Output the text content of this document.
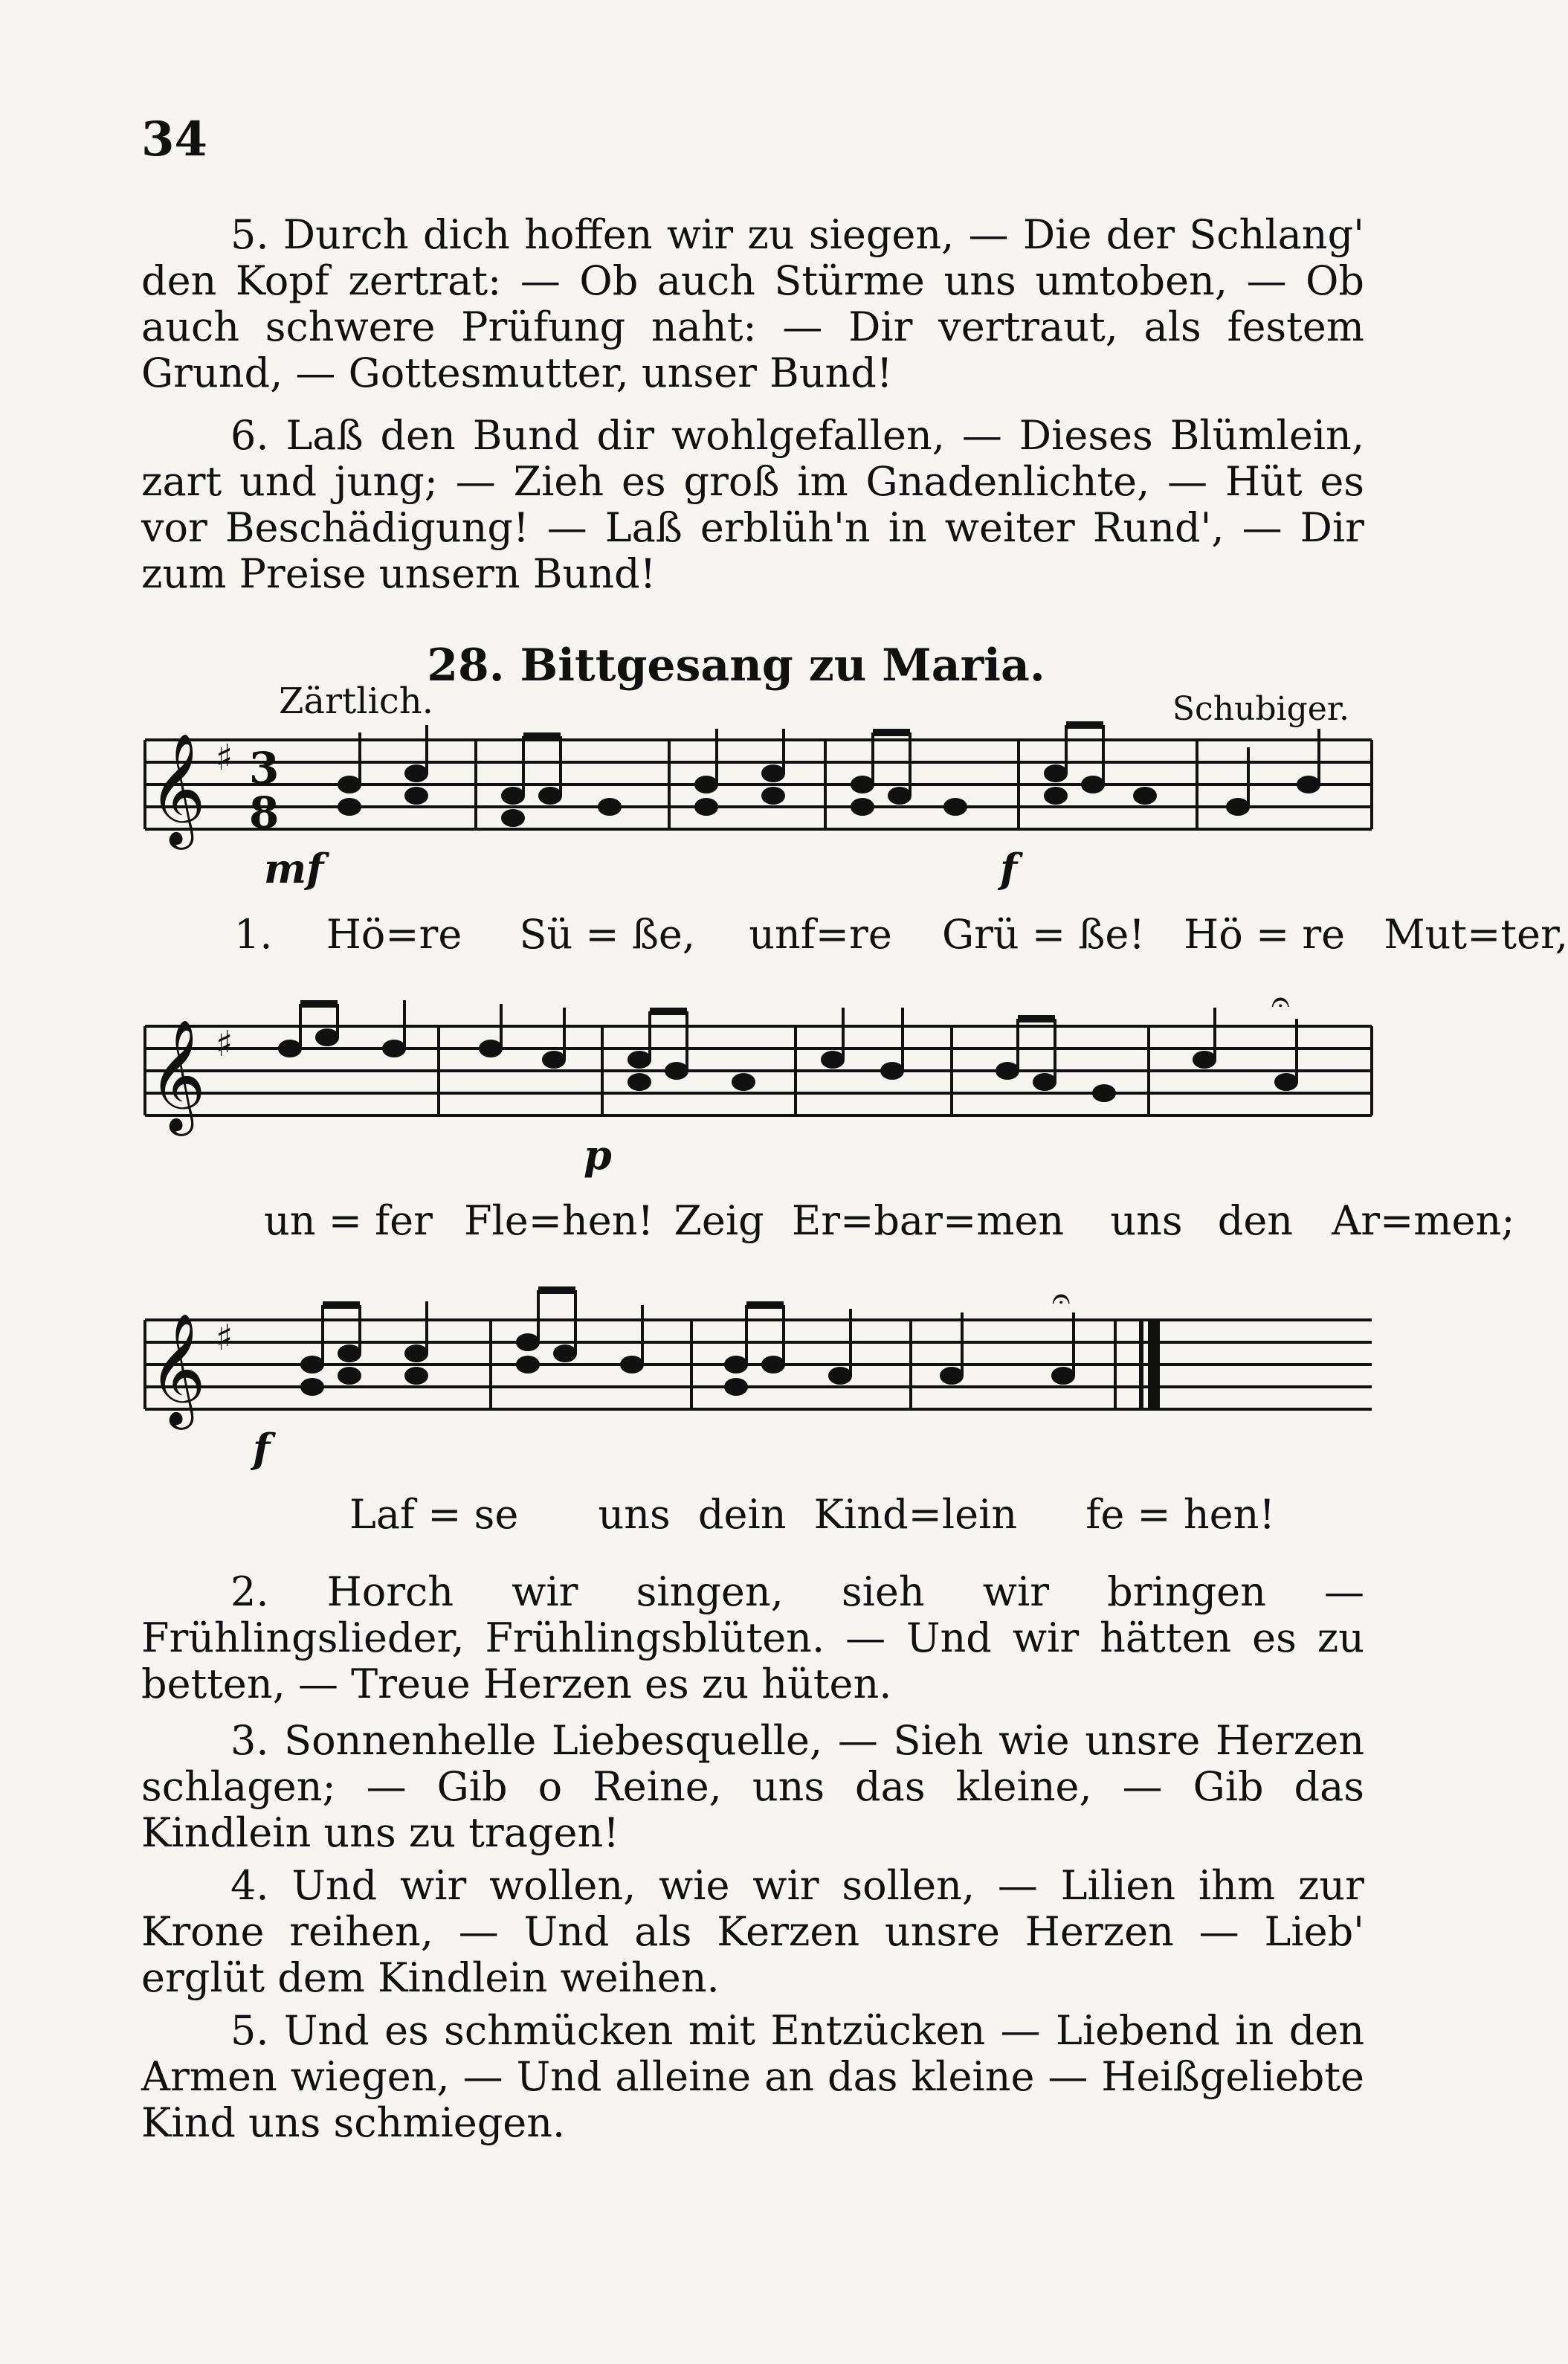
34

5. Durch dich hoffen wir zu siegen, — Die der Schlang' den Kopf zertrat: — Ob auch Stürme uns umtoben, — Ob auch schwere Prüfung naht: — Dir vertraut, als festem Grund, — Gottesmutter, unser Bund!

6. Laß den Bund dir wohlgefallen, — Dieses Blümlein, zart und jung; — Zieh es groß im Gnadenlichte, — Hüt es vor Beschädigung! — Laß erblüh'n in weiter Rund', — Dir zum Preise unsern Bund!

28. Bittgesang zu Maria.
Zärtlich.	Schubiger.
𝄞 ♯ 3
8
mf	f
1. Hö=re Sü = ße, unf=re Grü = ße! Hö = re Mut=ter,
𝄞 ♯
𝄐
p
un = fer Fle=hen! Zeig Er=bar=men uns den Ar=men;
𝄞 ♯
𝄐
f
Laf = se uns dein Kind=lein fe = hen!

2. Horch wir singen, sieh wir bringen — Frühlingslieder, Frühlingsblüten. — Und wir hätten es zu betten, — Treue Herzen es zu hüten.

3. Sonnenhelle Liebesquelle, — Sieh wie unsre Herzen schlagen; — Gib o Reine, uns das kleine, — Gib das Kindlein uns zu tragen!

4. Und wir wollen, wie wir sollen, — Lilien ihm zur Krone reihen, — Und als Kerzen unsre Herzen — Lieb' erglüt dem Kindlein weihen.

5. Und es schmücken mit Entzücken — Liebend in den Armen wiegen, — Und alleine an das kleine — Heißgeliebte Kind uns schmiegen.
